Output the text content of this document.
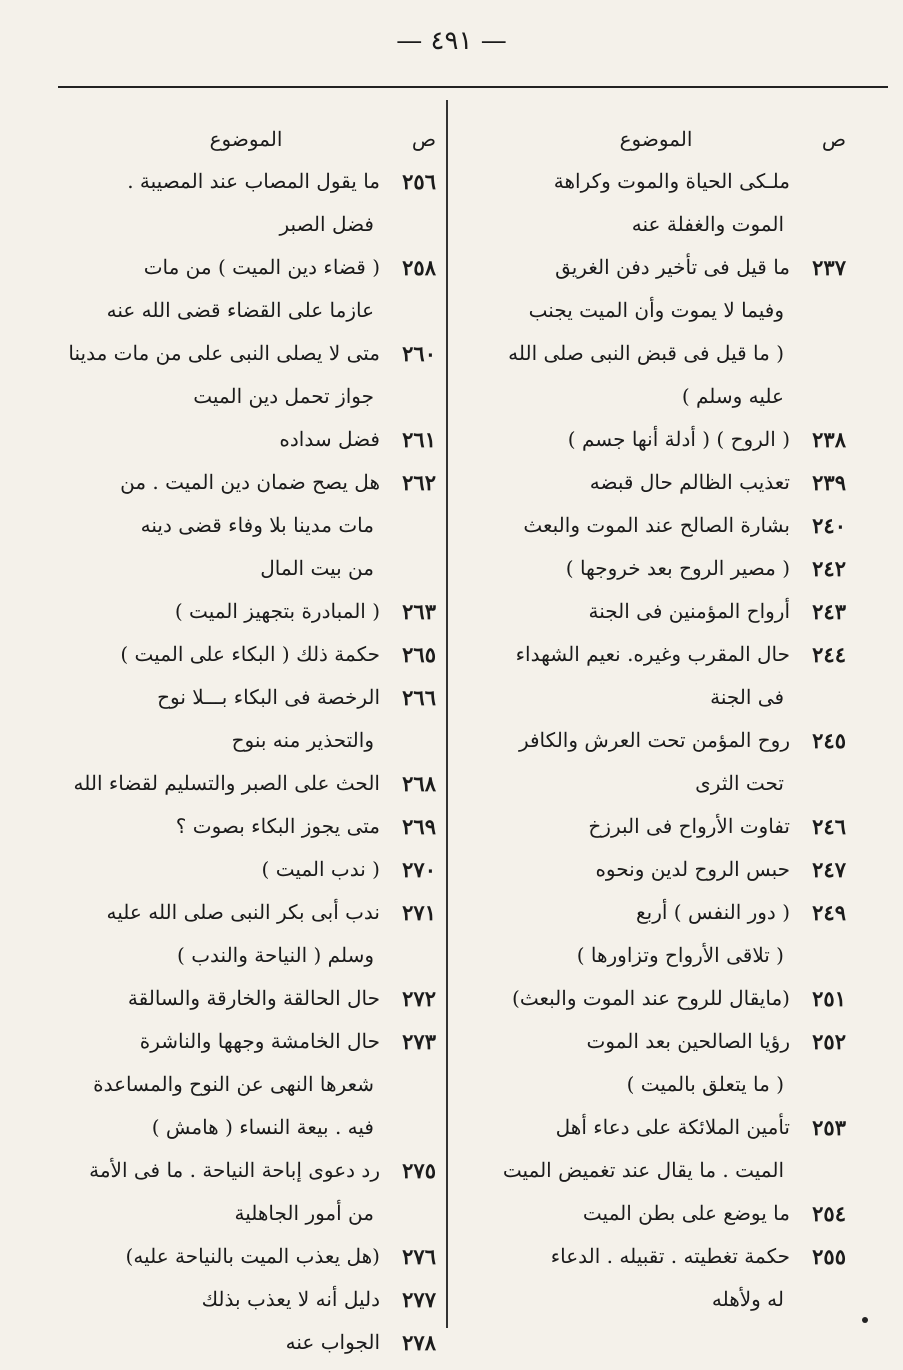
— ٤٩١ —
ص
الموضوع
ملـكى الحياة والموت وكراهة
الموت والغفلة عنه
٢٣٧
ما قيل فى تأخير دفن الغريق
وفيما لا يموت وأن الميت يجنب
( ما قيل فى قبض النبى صلى الله
عليه وسلم )
٢٣٨
( الروح ) ( أدلة أنها جسم )
٢٣٩
تعذيب الظالم حال قبضه
٢٤٠
بشارة الصالح عند الموت والبعث
٢٤٢
( مصير الروح بعد خروجها )
٢٤٣
أرواح المؤمنين فى الجنة
٢٤٤
حال المقرب وغيره. نعيم الشهداء
فى الجنة
٢٤٥
روح المؤمن تحت العرش والكافر
تحت الثرى
٢٤٦
تفاوت الأرواح فى البرزخ
٢٤٧
حبس الروح لدين ونحوه
٢٤٩
( دور النفس ) أربع
( تلاقى الأرواح وتزاورها )
٢٥١
(مايقال للروح عند الموت والبعث)
٢٥٢
رؤيا الصالحين بعد الموت
( ما يتعلق بالميت )
٢٥٣
تأمين الملائكة على دعاء أهل
الميت . ما يقال عند تغميض الميت
٢٥٤
ما يوضع على بطن الميت
٢٥٥
حكمة تغطيته . تقبيله . الدعاء
له ولأهله
ص
الموضوع
٢٥٦
ما يقول المصاب عند المصيبة .
فضل الصبر
٢٥٨
( قضاء دين الميت ) من مات
عازما على القضاء قضى الله عنه
٢٦٠
متى لا يصلى النبى على من مات مدينا
جواز تحمل دين الميت
٢٦١
فضل سداده
٢٦٢
هل يصح ضمان دين الميت . من
مات مدينا بلا وفاء قضى دينه
من بيت المال
٢٦٣
( المبادرة بتجهيز الميت )
٢٦٥
حكمة ذلك ( البكاء على الميت )
٢٦٦
الرخصة فى البكاء بـــلا نوح
والتحذير منه بنوح
٢٦٨
الحث على الصبر والتسليم لقضاء الله
٢٦٩
متى يجوز البكاء بصوت ؟
٢٧٠
( ندب الميت )
٢٧١
ندب أبى بكر النبى صلى الله عليه
وسلم ( النياحة والندب )
٢٧٢
حال الحالقة والخارقة والسالقة
٢٧٣
حال الخامشة وجهها والناشرة
شعرها النهى عن النوح والمساعدة
فيه . بيعة النساء ( هامش )
٢٧٥
رد دعوى إباحة النياحة . ما فى الأمة
من أمور الجاهلية
٢٧٦
(هل يعذب الميت بالنياحة عليه)
٢٧٧
دليل أنه لا يعذب بذلك
٢٧٨
الجواب عنه
